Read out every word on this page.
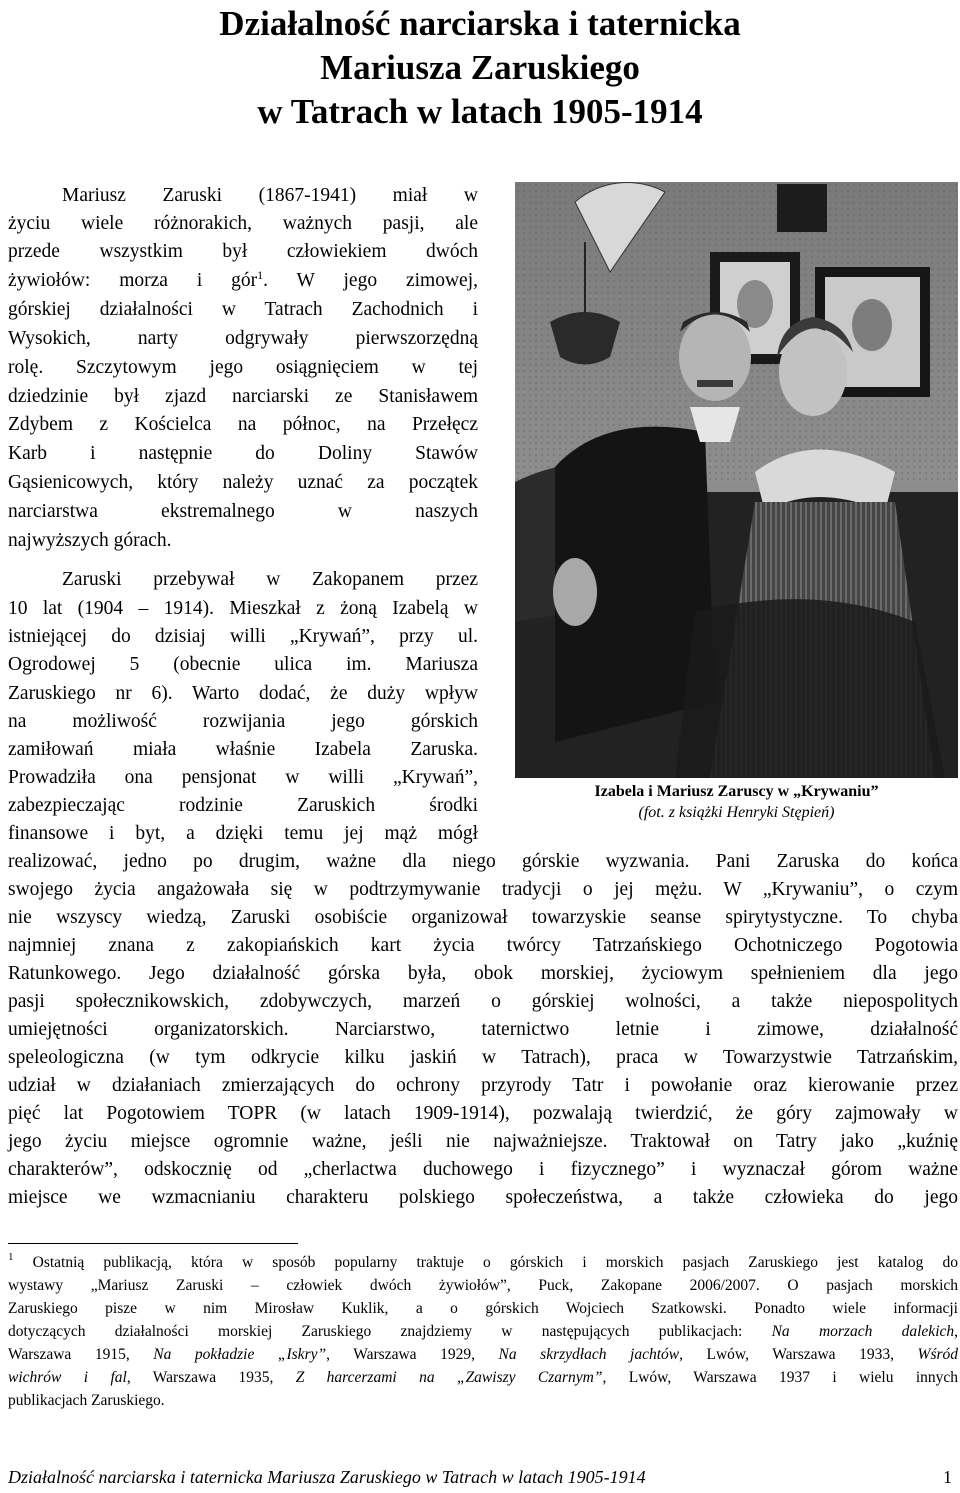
Działalność narciarska i taternicka
Mariusza Zaruskiego
w Tatrach w latach 1905-1914

Mariusz Zaruski (1867-1941) miał w

życiu wiele różnorakich, ważnych pasji, ale

przede wszystkim był człowiekiem dwóch

żywiołów: morza i gór$^1$. W jego zimowej,

górskiej działalności w Tatrach Zachodnich i

Wysokich, narty odgrywały pierwszorzędną

rolę. Szczytowym jego osiągnięciem w tej

dziedzinie był zjazd narciarski ze Stanisławem

Zdybem z Kościelca na północ, na Przełęcz

Karb i następnie do Doliny Stawów

Gąsienicowych, który należy uznać za początek

narciarstwa ekstremalnego w naszych

najwyższych górach.

Zaruski przebywał w Zakopanem przez

10 lat (1904 – 1914). Mieszkał z żoną Izabelą w

istniejącej do dzisiaj willi „Krywań”, przy ul.

Ogrodowej 5 (obecnie ulica im. Mariusza

Zaruskiego nr 6). Warto dodać, że duży wpływ

na możliwość rozwijania jego górskich

zamiłowań miała właśnie Izabela Zaruska.

Prowadziła ona pensjonat w willi „Krywań”,

zabezpieczając rodzinie Zaruskich środki

finansowe i byt, a dzięki temu jej mąż mógł

realizować, jedno po drugim, ważne dla niego górskie wyzwania. Pani Zaruska do końca

swojego życia angażowała się w podtrzymywanie tradycji o jej mężu. W „Krywaniu”, o czym

nie wszyscy wiedzą, Zaruski osobiście organizował towarzyskie seanse spirytystyczne. To chyba

najmniej znana z zakopiańskich kart życia twórcy Tatrzańskiego Ochotniczego Pogotowia

Ratunkowego. Jego działalność górska była, obok morskiej, życiowym spełnieniem dla jego

pasji społecznikowskich, zdobywczych, marzeń o górskiej wolności, a także niepospolitych

umiejętności organizatorskich. Narciarstwo, taternictwo letnie i zimowe, działalność

speleologiczna (w tym odkrycie kilku jaskiń w Tatrach), praca w Towarzystwie Tatrzańskim,

udział w działaniach zmierzających do ochrony przyrody Tatr i powołanie oraz kierowanie przez

pięć lat Pogotowiem TOPR (w latach 1909-1914), pozwalają twierdzić, że góry zajmowały w

jego życiu miejsce ogromnie ważne, jeśli nie najważniejsze. Traktował on Tatry jako „kuźnię

charakterów”, odskocznię od „cherlactwa duchowego i fizycznego” i wyznaczał górom ważne

miejsce we wzmacnianiu charakteru polskiego społeczeństwa, a także człowieka do jego

Izabela i Mariusz Zaruscy w „Krywaniu”

(fot. z książki Henryki Stępień)

$^1$ Ostatnią publikacją, która w sposób popularny traktuje o górskich i morskich pasjach Zaruskiego jest katalog do

wystawy „Mariusz Zaruski – człowiek dwóch żywiołów”, Puck, Zakopane 2006/2007. O pasjach morskich

Zaruskiego pisze w nim Mirosław Kuklik, a o górskich Wojciech Szatkowski. Ponadto wiele informacji

dotyczących działalności morskiej Zaruskiego znajdziemy w następujących publikacjach: Na morzach dalekich,

Warszawa 1915, Na pokładzie „Iskry”, Warszawa 1929, Na skrzydłach jachtów, Lwów, Warszawa 1933, Wśród

wichrów i fal, Warszawa 1935, Z harcerzami na „Zawiszy Czarnym”, Lwów, Warszawa 1937 i wielu innych

publikacjach Zaruskiego.

Działalność narciarska i taternicka Mariusza Zaruskiego w Tatrach w latach 1905-1914	1
